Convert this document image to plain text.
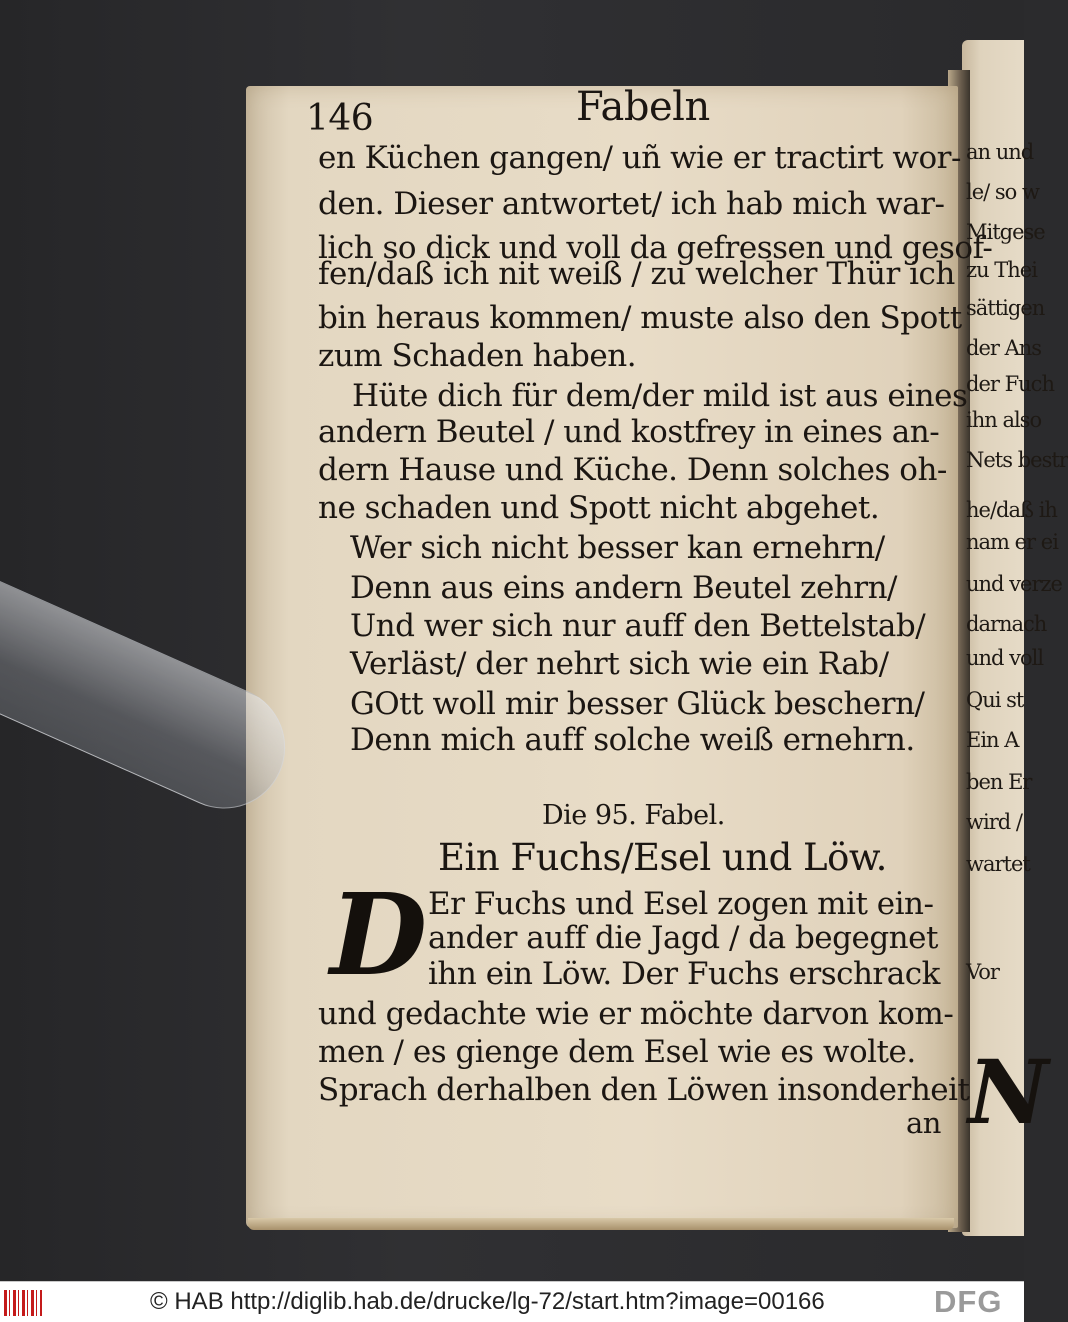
146	Fabeln
en Küchen gangen/ uñ wie er tractirt wor-
den. Dieser antwortet/ ich hab mich war-
lich so dick und voll da gefressen und gesof-
fen/daß ich nit weiß / zu welcher Thür ich
bin heraus kommen/ muste also den Spott
zum Schaden haben.
Hüte dich für dem/der mild ist aus eines
andern Beutel / und kostfrey in eines an-
dern Hause und Küche. Denn solches oh-
ne schaden und Spott nicht abgehet.
Wer sich nicht besser kan ernehrn/
Denn aus eins andern Beutel zehrn/
Und wer sich nur auff den Bettelstab/
Verläst/ der nehrt sich wie ein Rab/
GOtt woll mir besser Glück beschern/
Denn mich auff solche weiß ernehrn.
Die 95. Fabel.
Ein Fuchs/Esel und Löw.
D Er Fuchs und Esel zogen mit ein-
ander auff die Jagd / da begegnet
ihn ein Löw. Der Fuchs erschrack
und gedachte wie er möchte darvon kom-
men / es gienge dem Esel wie es wolte.
Sprach derhalben den Löwen insonderheit
an
an und
le/ so w
Mitgese
zu Thei
sättigen
der Ans
der Fuch
ihn also
Nets bestr
he/daß ih
nam er ei
und verze
darnach
und voll
Qui st
Ein A
ben Er
wird /
wartet
Vor
N
© HAB http://diglib.hab.de/drucke/lg-72/start.htm?image=00166	DFG
